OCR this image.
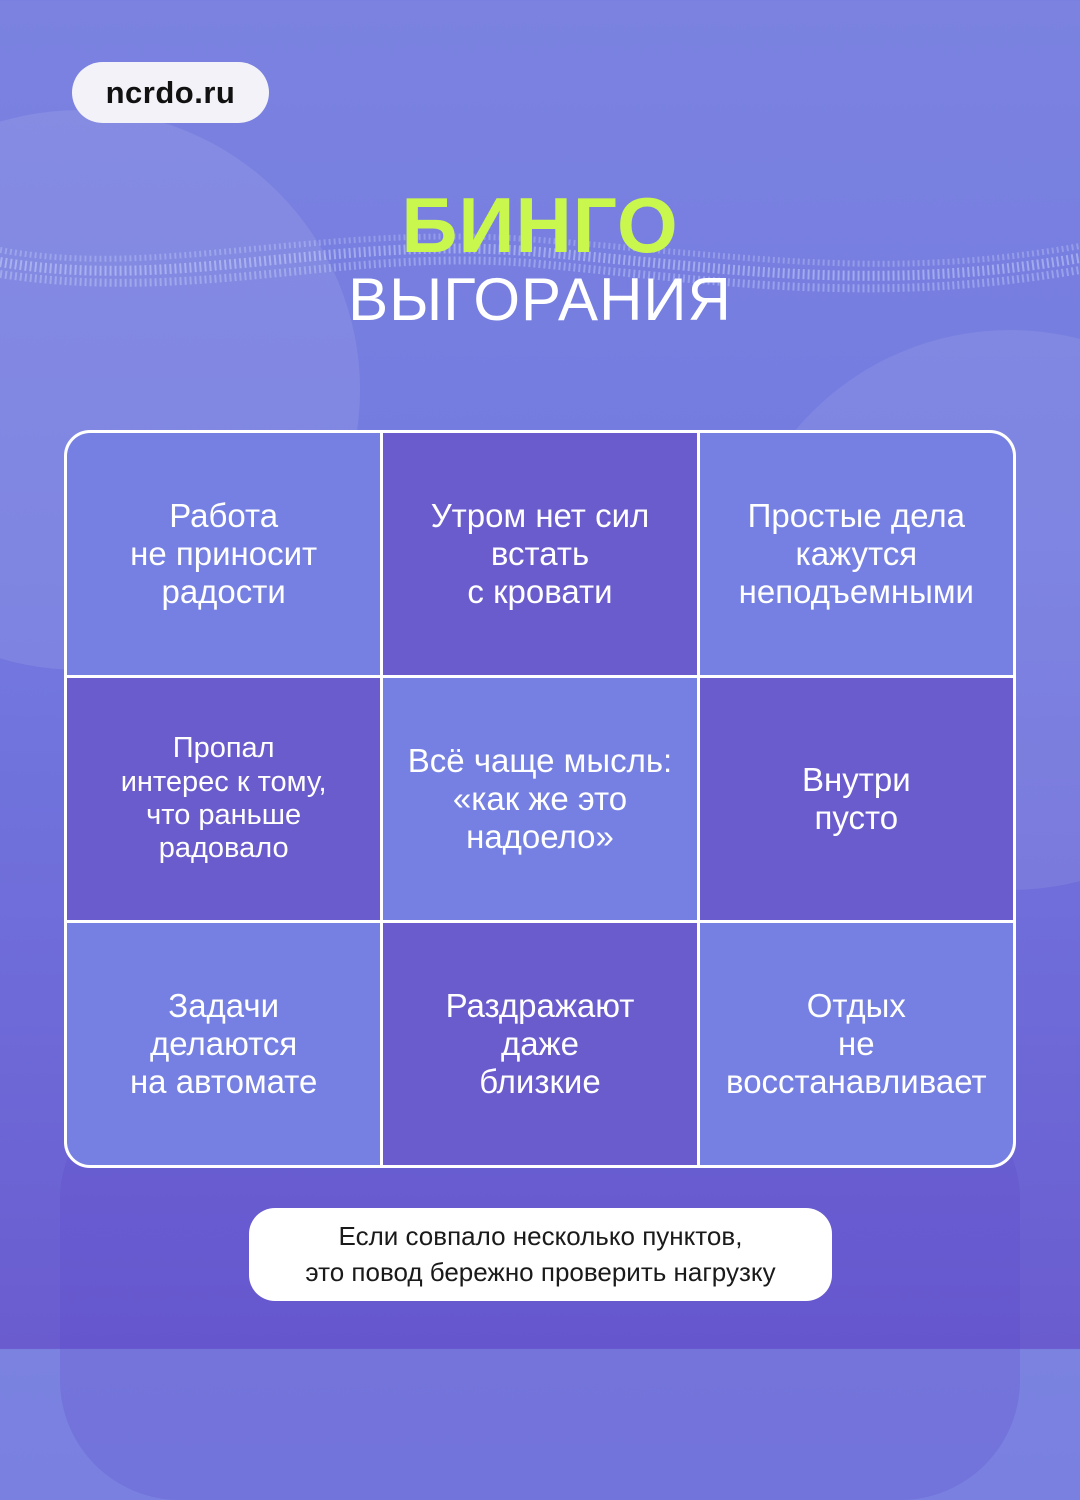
ncrdo.ru
БИНГО
ВЫГОРАНИЯ
Работа
не приносит
радости
Утром нет сил
встать
с кровати
Простые дела
кажутся
неподъемными
Пропал
интерес к тому,
что раньше
радовало
Всё чаще мысль:
«как же это
надоело»
Внутри
пусто
Задачи
делаются
на автомате
Раздражают
даже
близкие
Отдых
не
восстанавливает
Если совпало несколько пунктов,
это повод бережно проверить нагрузку
